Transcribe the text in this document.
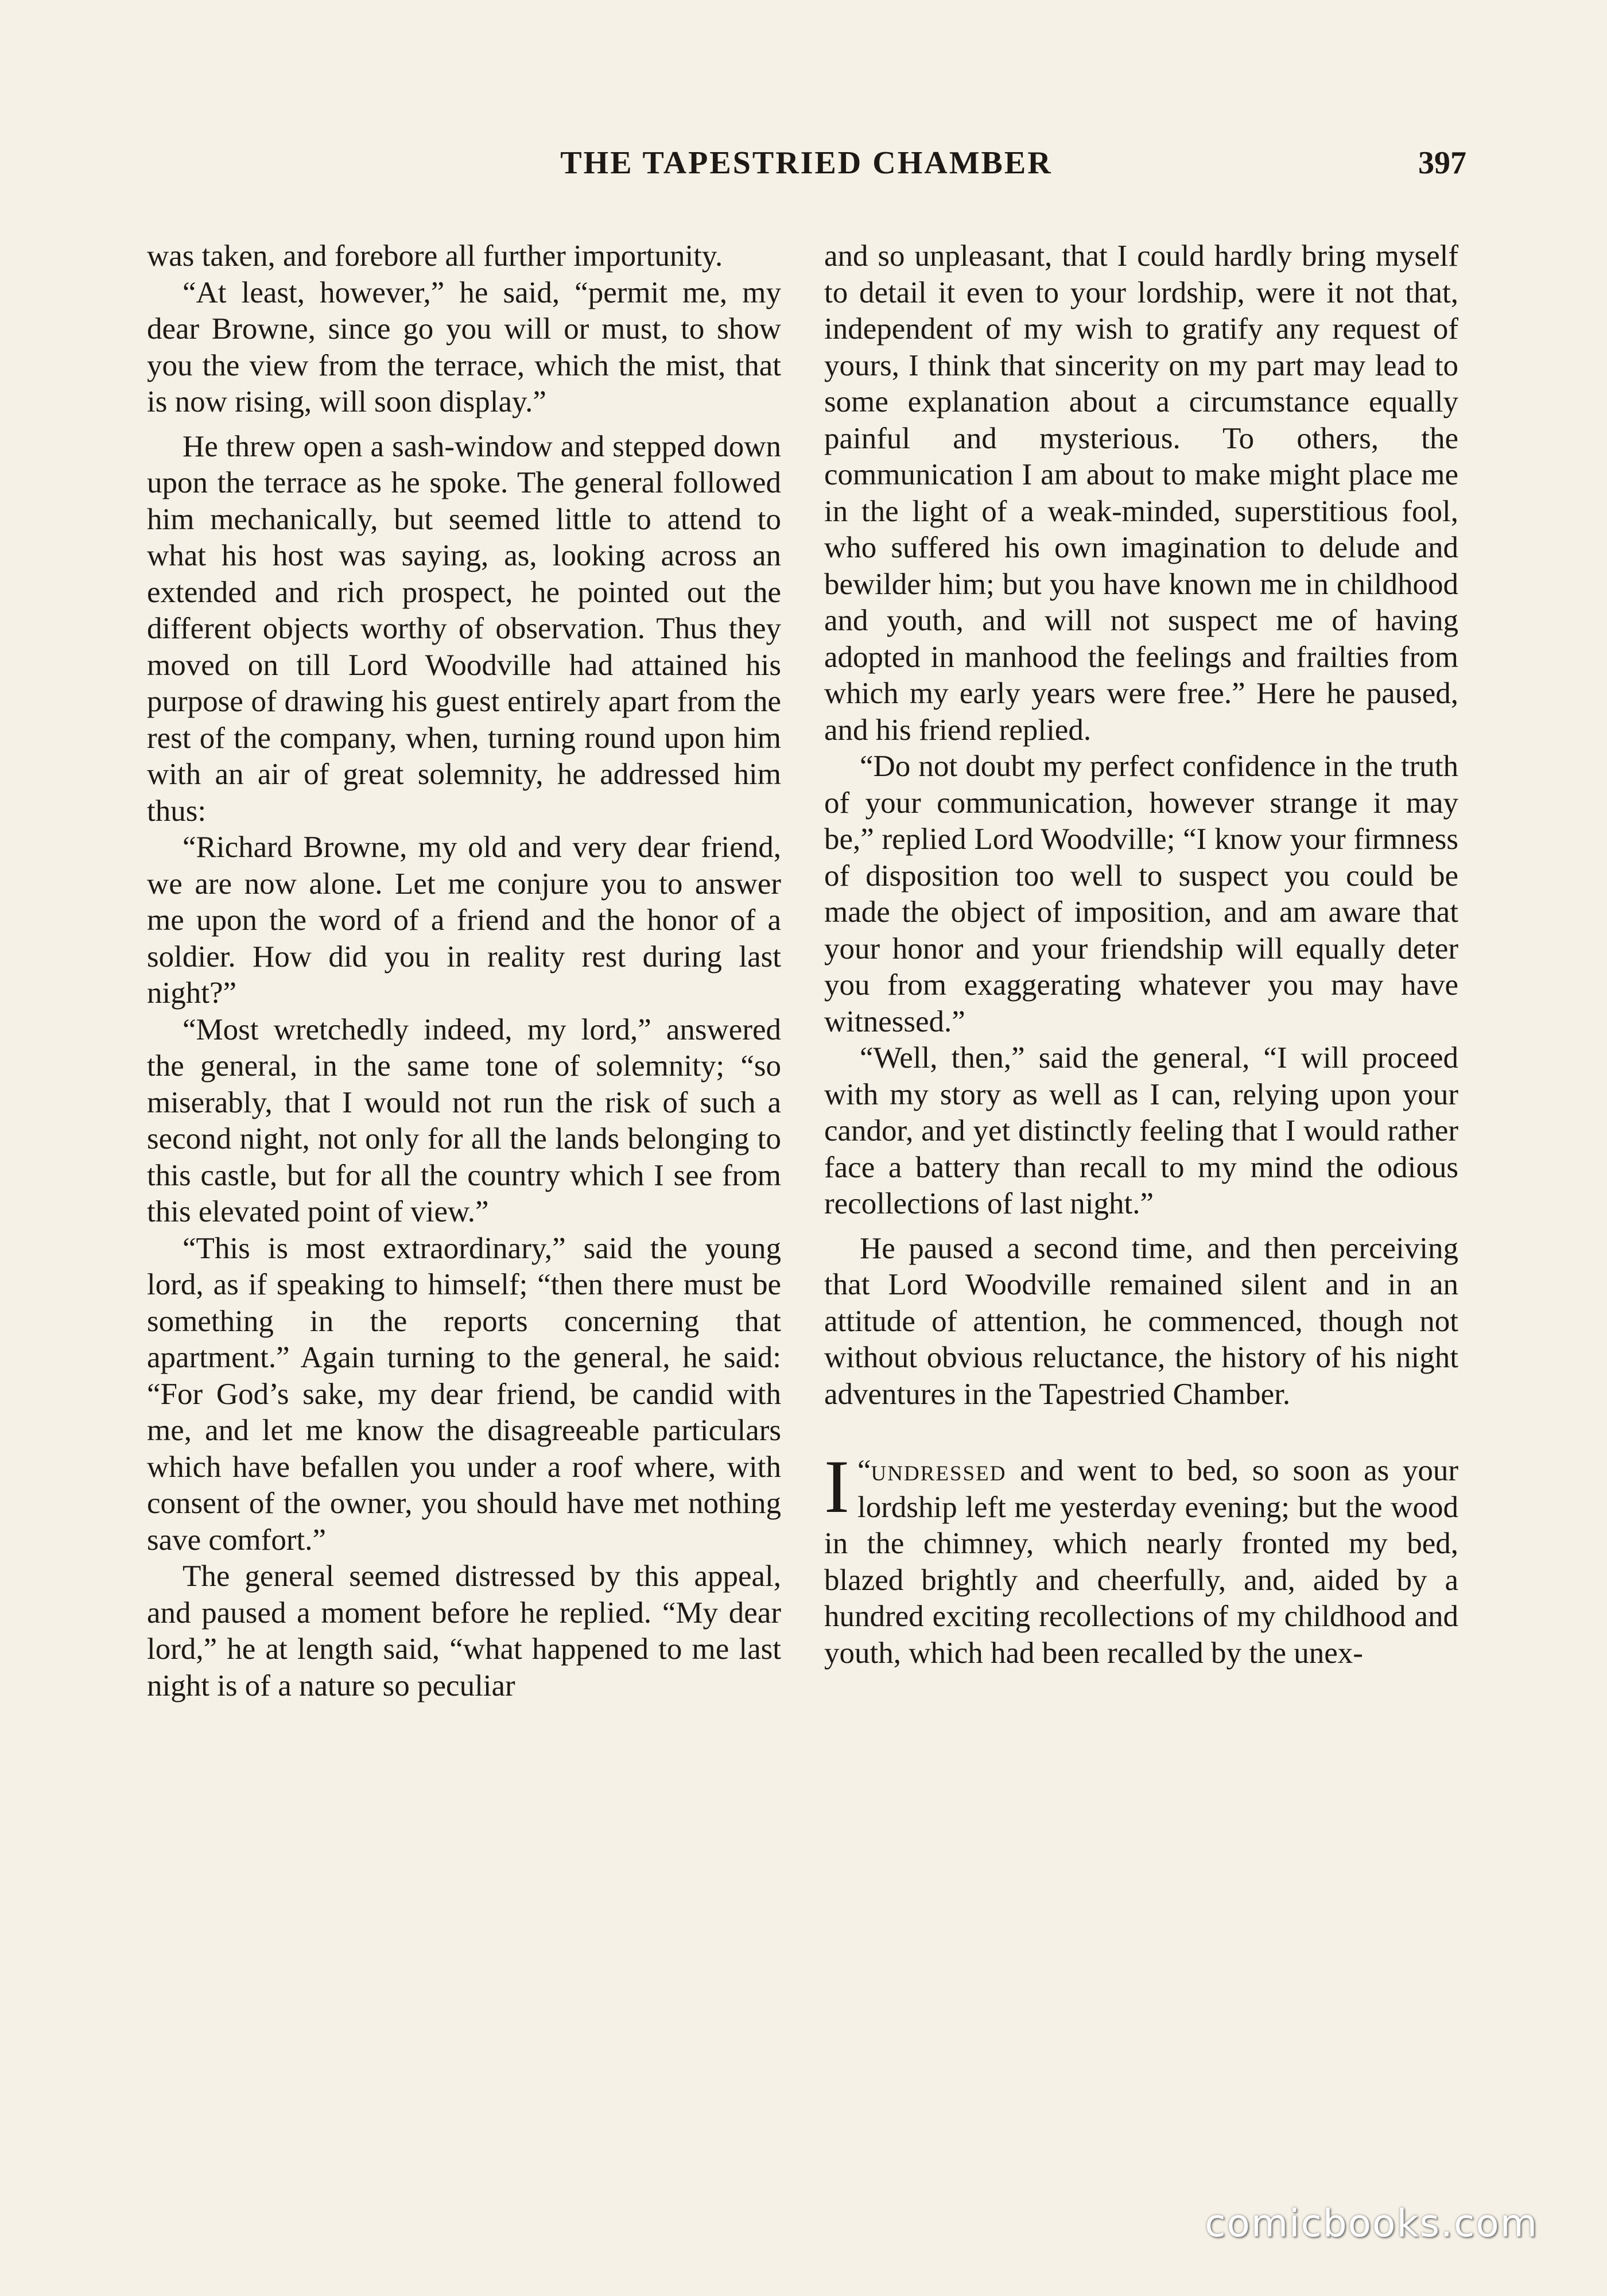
THE TAPESTRIED CHAMBER	397

was taken, and forebore all further importunity.

“At least, however,” he said, “permit me, my dear Browne, since go you will or must, to show you the view from the terrace, which the mist, that is now rising, will soon display.”

He threw open a sash-window and stepped down upon the terrace as he spoke. The general followed him mechanically, but seemed little to attend to what his host was saying, as, looking across an extended and rich prospect, he pointed out the different objects worthy of observation. Thus they moved on till Lord Woodville had attained his purpose of drawing his guest entirely apart from the rest of the company, when, turning round upon him with an air of great solemnity, he addressed him thus:

“Richard Browne, my old and very dear friend, we are now alone. Let me conjure you to answer me upon the word of a friend and the honor of a soldier. How did you in reality rest during last night?”

“Most wretchedly indeed, my lord,” answered the general, in the same tone of solemnity; “so miserably, that I would not run the risk of such a second night, not only for all the lands belonging to this castle, but for all the country which I see from this elevated point of view.”

“This is most extraordinary,” said the young lord, as if speaking to himself; “then there must be something in the reports concerning that apartment.” Again turning to the general, he said: “For God’s sake, my dear friend, be candid with me, and let me know the disagreeable particulars which have befallen you under a roof where, with consent of the owner, you should have met nothing save comfort.”

The general seemed distressed by this appeal, and paused a moment before he replied. “My dear lord,” he at length said, “what happened to me last night is of a nature so peculiar

and so unpleasant, that I could hardly bring myself to detail it even to your lordship, were it not that, independent of my wish to gratify any request of yours, I think that sincerity on my part may lead to some explanation about a circumstance equally painful and mysterious. To others, the communication I am about to make might place me in the light of a weak-minded, superstitious fool, who suffered his own imagination to delude and bewilder him; but you have known me in childhood and youth, and will not suspect me of having adopted in manhood the feelings and frailties from which my early years were free.” Here he paused, and his friend replied.

“Do not doubt my perfect confidence in the truth of your communication, however strange it may be,” replied Lord Woodville; “I know your firmness of disposition too well to suspect you could be made the object of imposition, and am aware that your honor and your friendship will equally deter you from exaggerating whatever you may have witnessed.”

“Well, then,” said the general, “I will proceed with my story as well as I can, relying upon your candor, and yet distinctly feeling that I would rather face a battery than recall to my mind the odious recollections of last night.”

He paused a second time, and then perceiving that Lord Woodville remained silent and in an attitude of attention, he commenced, though not without obvious reluctance, the history of his night adventures in the Tapestried Chamber.

“
I undressed and went to bed, so soon as your lordship left me yesterday evening; but the wood in the chimney, which nearly fronted my bed, blazed brightly and cheerfully, and, aided by a hundred exciting recollections of my childhood and youth, which had been recalled by the unex-

comicbooks.com
